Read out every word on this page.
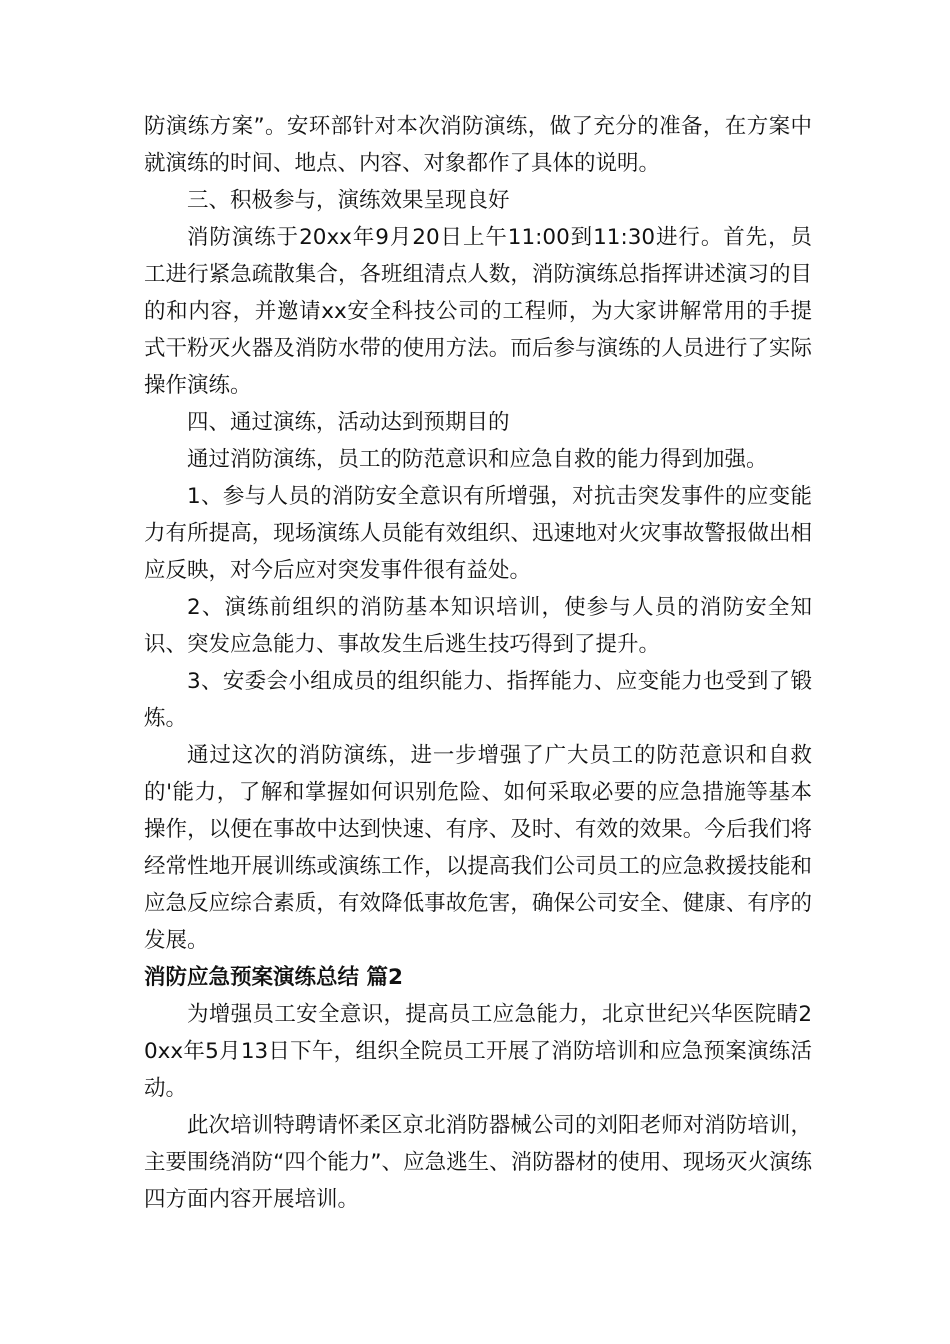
防演练方案”。安环部针对本次消防演练，做了充分的准备，在方案中就演练的时间、地点、内容、对象都作了具体的说明。

三、积极参与，演练效果呈现良好

消防演练于20xx年9月20日上午11:00到11:30进行。首先，员工进行紧急疏散集合，各班组清点人数，消防演练总指挥讲述演习的目的和内容，并邀请xx安全科技公司的工程师，为大家讲解常用的手提式干粉灭火器及消防水带的使用方法。而后参与演练的人员进行了实际操作演练。

四、通过演练，活动达到预期目的

通过消防演练，员工的防范意识和应急自救的能力得到加强。

1、参与人员的消防安全意识有所增强，对抗击突发事件的应变能力有所提高，现场演练人员能有效组织、迅速地对火灾事故警报做出相应反映，对今后应对突发事件很有益处。

2、演练前组织的消防基本知识培训，使参与人员的消防安全知识、突发应急能力、事故发生后逃生技巧得到了提升。

3、安委会小组成员的组织能力、指挥能力、应变能力也受到了锻炼。

通过这次的消防演练，进一步增强了广大员工的防范意识和自救的'能力，了解和掌握如何识别危险、如何采取必要的应急措施等基本操作，以便在事故中达到快速、有序、及时、有效的效果。今后我们将经常性地开展训练或演练工作，以提高我们公司员工的应急救援技能和应急反应综合素质，有效降低事故危害，确保公司安全、健康、有序的发展。

消防应急预案演练总结 篇2

为增强员工安全意识，提高员工应急能力，北京世纪兴华医院睛20xx年5月13日下午，组织全院员工开展了消防培训和应急预案演练活动。

此次培训特聘请怀柔区京北消防器械公司的刘阳老师对消防培训，主要围绕消防“四个能力”、应急逃生、消防器材的使用、现场灭火演练四方面内容开展培训。
